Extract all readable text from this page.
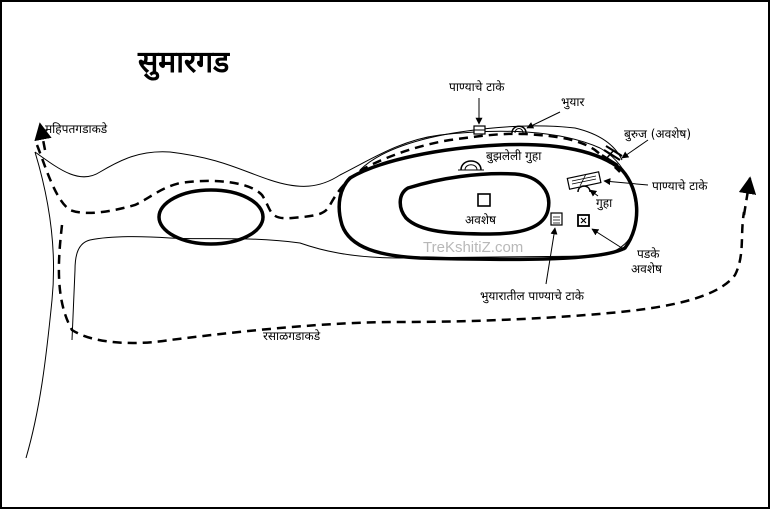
सुमारगड
TreKshitiZ.com
महिपतगडाकडे
रसाळगडाकडे
पाण्याचे टाके
भुयार
बुरुज (अवशेष)
बुझलेली गुहा
पाण्याचे टाके
गुहा
अवशेष
पडके
अवशेष
भुयारातील पाण्याचे टाके
